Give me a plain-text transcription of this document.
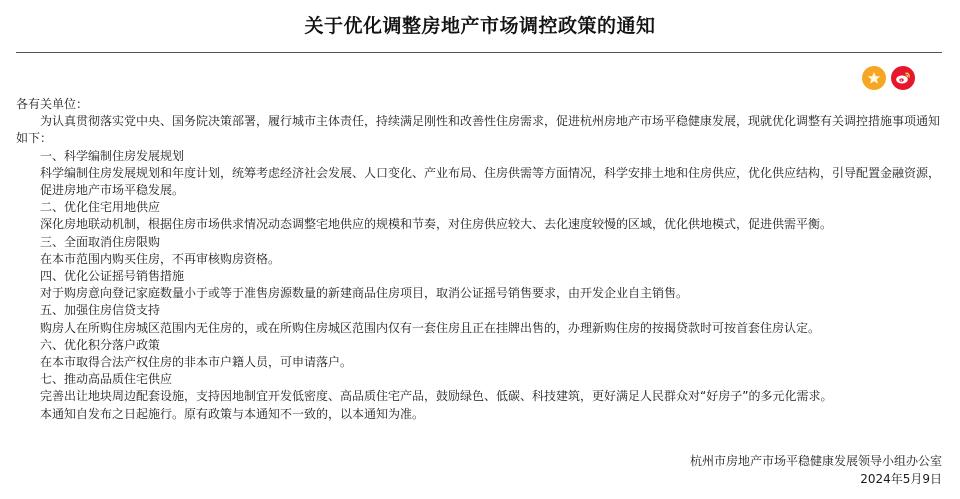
关于优化调整房地产市场调控政策的通知

各有关单位：

为认真贯彻落实党中央、国务院决策部署，履行城市主体责任，持续满足刚性和改善性住房需求，促进杭州房地产市场平稳健康发展，现就优化调整有关调控措施事项通知如下：

一、科学编制住房发展规划

科学编制住房发展规划和年度计划，统筹考虑经济社会发展、人口变化、产业布局、住房供需等方面情况，科学安排土地和住房供应，优化供应结构，引导配置金融资源，促进房地产市场平稳发展。

二、优化住宅用地供应

深化房地联动机制，根据住房市场供求情况动态调整宅地供应的规模和节奏，对住房供应较大、去化速度较慢的区域，优化供地模式，促进供需平衡。

三、全面取消住房限购

在本市范围内购买住房，不再审核购房资格。

四、优化公证摇号销售措施

对于购房意向登记家庭数量小于或等于准售房源数量的新建商品住房项目，取消公证摇号销售要求，由开发企业自主销售。

五、加强住房信贷支持

购房人在所购住房城区范围内无住房的，或在所购住房城区范围内仅有一套住房且正在挂牌出售的，办理新购住房的按揭贷款时可按首套住房认定。

六、优化积分落户政策

在本市取得合法产权住房的非本市户籍人员，可申请落户。

七、推动高品质住宅供应

完善出让地块周边配套设施，支持因地制宜开发低密度、高品质住宅产品，鼓励绿色、低碳、科技建筑，更好满足人民群众对“好房子”的多元化需求。

本通知自发布之日起施行。原有政策与本通知不一致的，以本通知为准。

杭州市房地产市场平稳健康发展领导小组办公室
2024年5月9日
